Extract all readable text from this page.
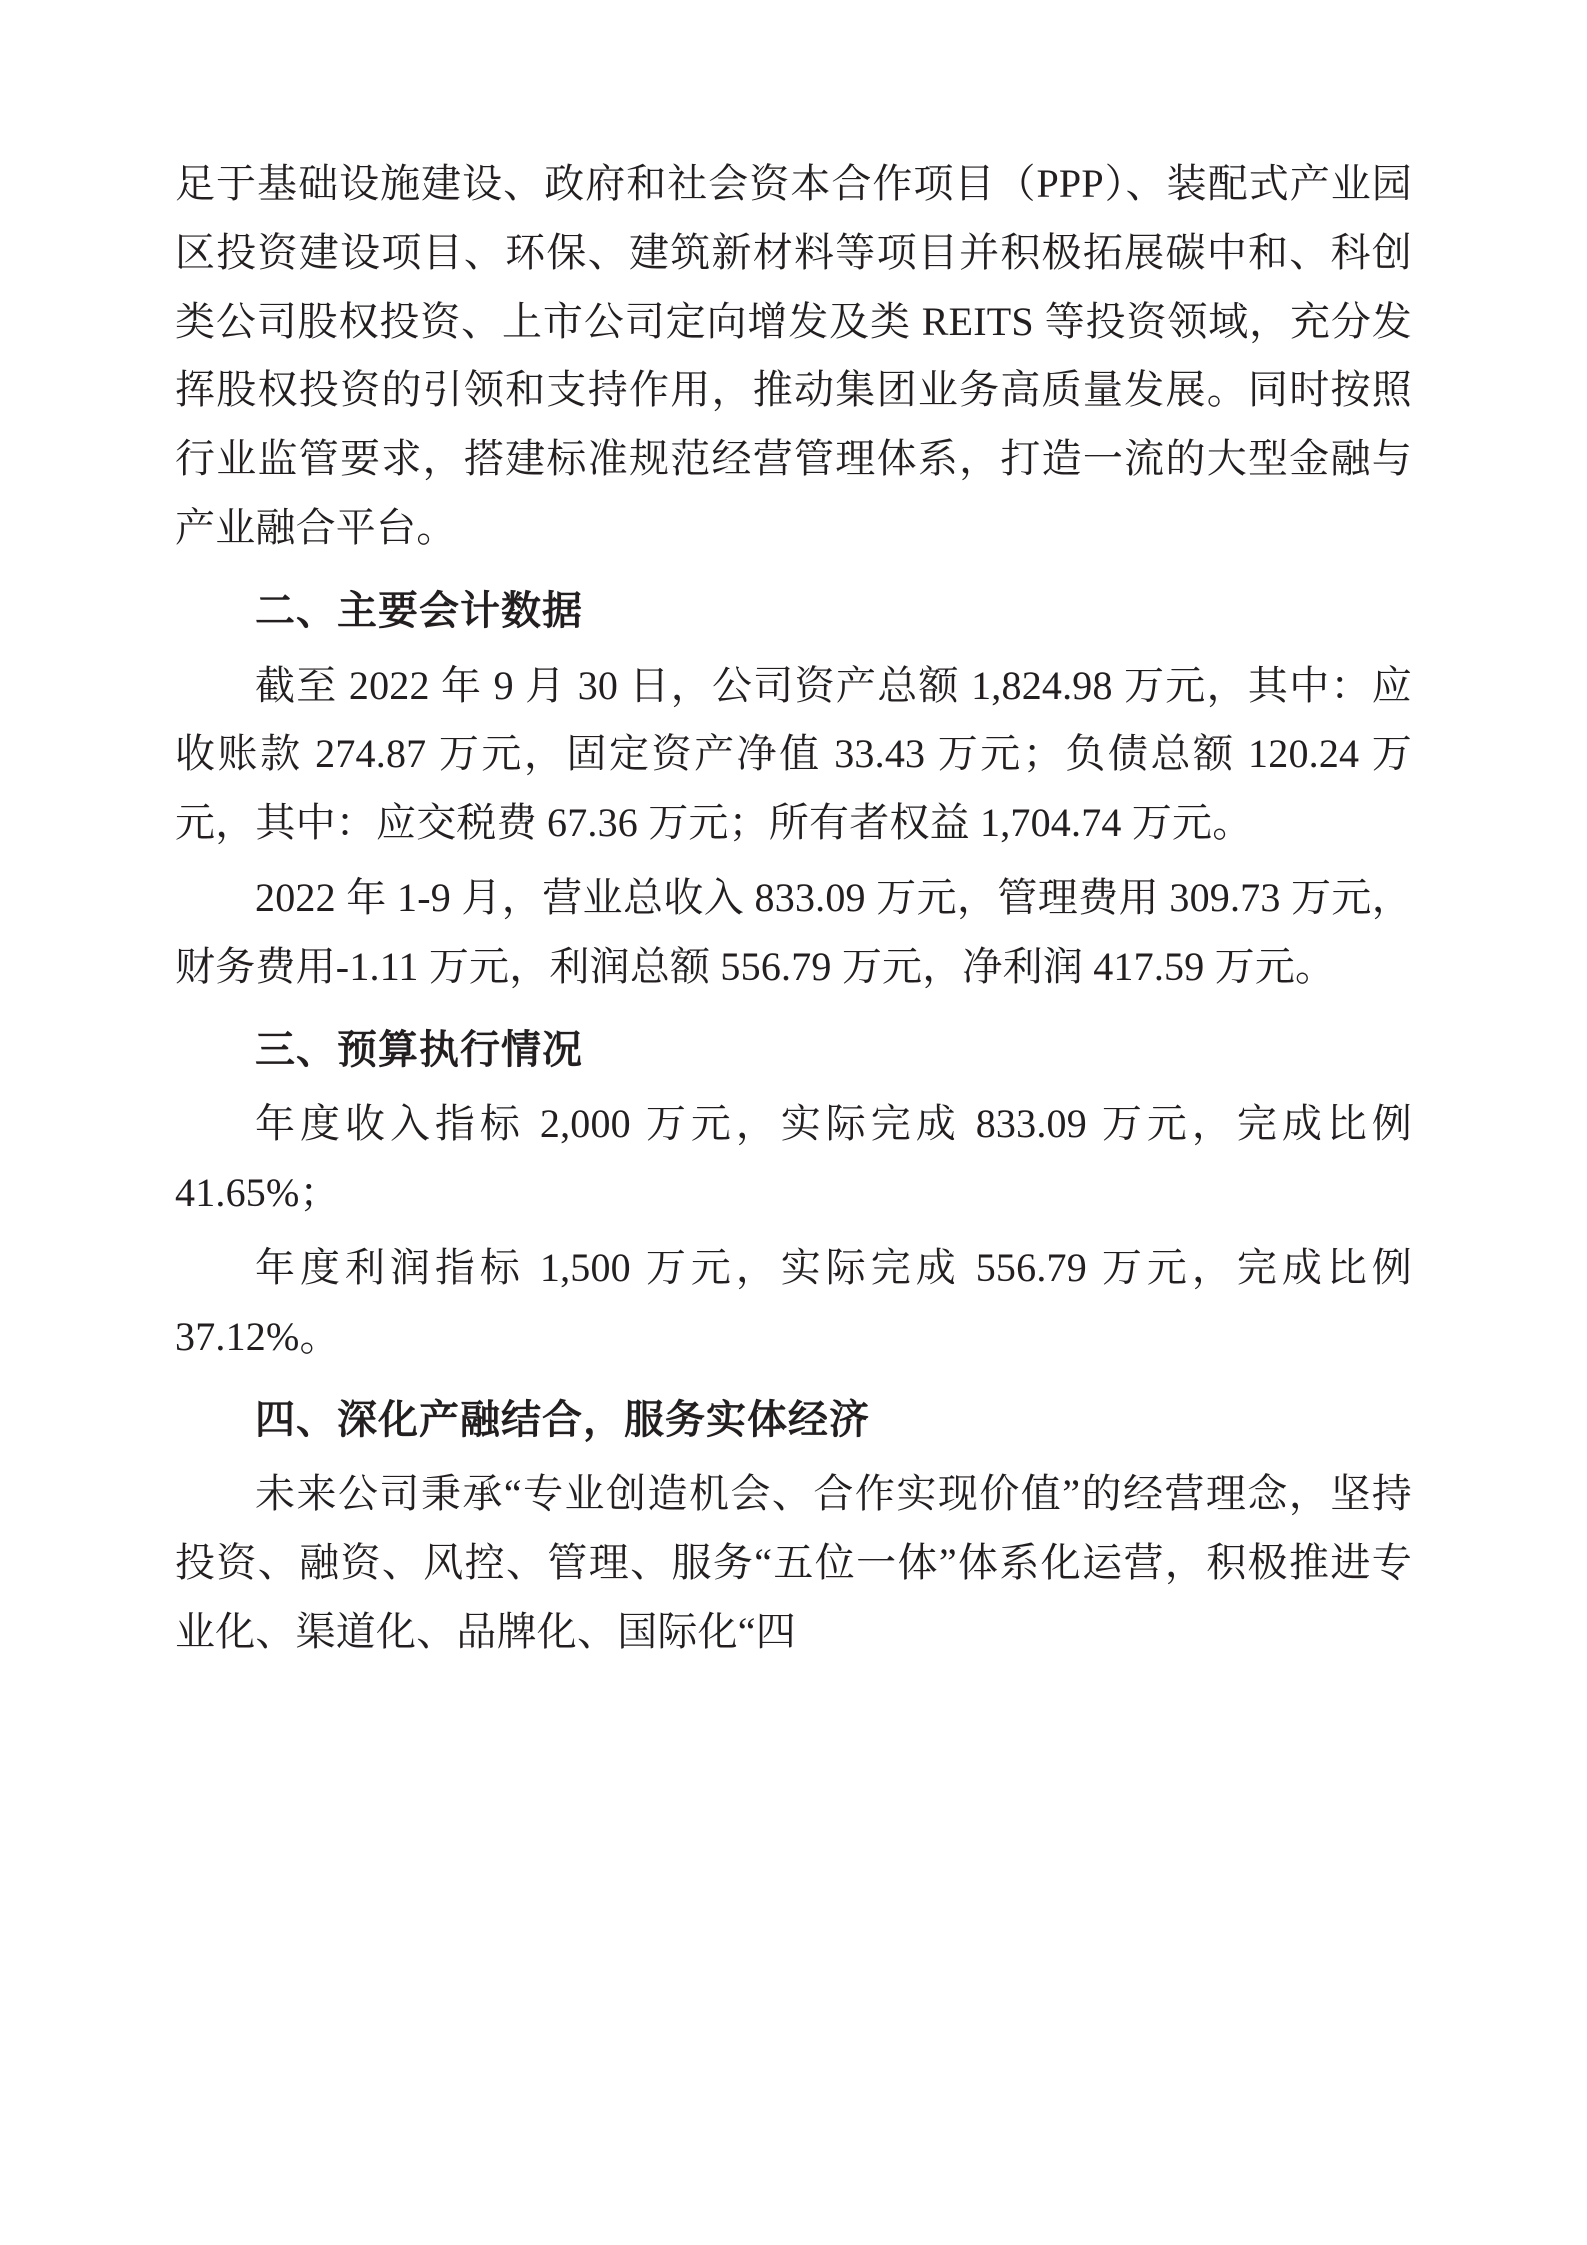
足于基础设施建设、政府和社会资本合作项目（PPP）、装配式产业园区投资建设项目、环保、建筑新材料等项目并积极拓展碳中和、科创类公司股权投资、上市公司定向增发及类 REITS 等投资领域，充分发挥股权投资的引领和支持作用，推动集团业务高质量发展。同时按照行业监管要求，搭建标准规范经营管理体系，打造一流的大型金融与产业融合平台。

二、主要会计数据

截至 2022 年 9 月 30 日，公司资产总额 1,824.98 万元，其中：应收账款 274.87 万元，固定资产净值 33.43 万元；负债总额 120.24 万元，其中：应交税费 67.36 万元；所有者权益 1,704.74 万元。

2022 年 1-9 月，营业总收入 833.09 万元，管理费用 309.73 万元，财务费用-1.11 万元，利润总额 556.79 万元，净利润 417.59 万元。

三、预算执行情况

年度收入指标 2,000 万元，实际完成 833.09 万元，完成比例 41.65%；

年度利润指标 1,500 万元，实际完成 556.79 万元，完成比例 37.12%。

四、深化产融结合，服务实体经济

未来公司秉承“专业创造机会、合作实现价值”的经营理念，坚持投资、融资、风控、管理、服务“五位一体”体系化运营，积极推进专业化、渠道化、品牌化、国际化“四
